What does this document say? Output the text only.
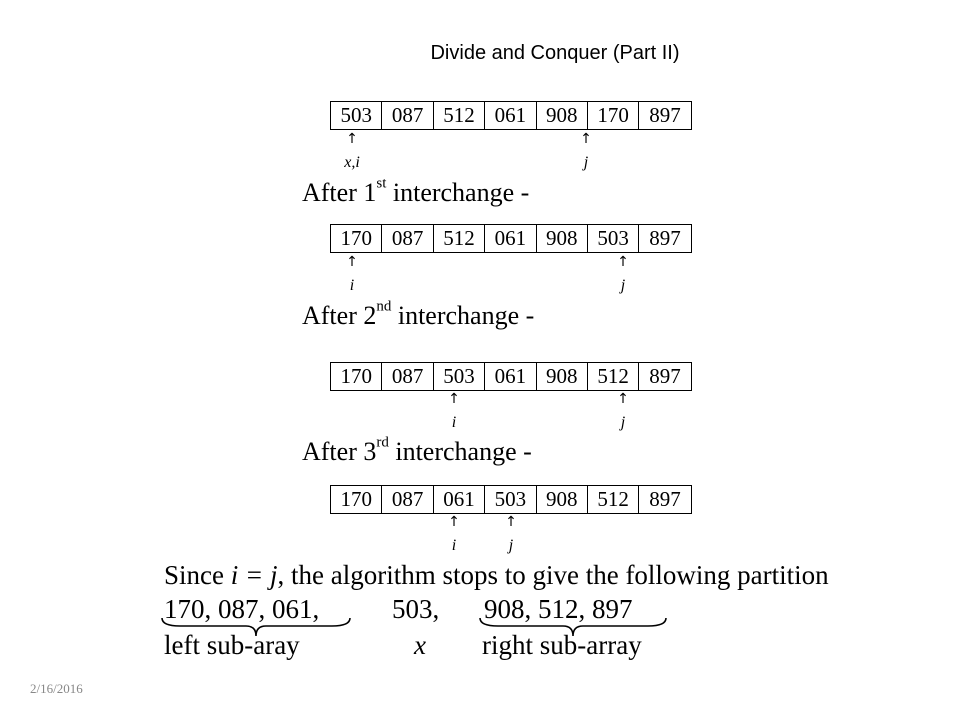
Divide and Conquer (Part II)
503 087 512 061 908 170 897
↑
x,i
↑
j
After 1st interchange -
170 087 512 061 908 503 897
↑
i
↑
j
After 2nd interchange -
170 087 503 061 908 512 897
↑
i
↑
j
After 3rd interchange -
170 087 061 503 908 512 897
↑
i
↑
j
Since i = j, the algorithm stops to give the following partition
170, 087, 061,	503, 908, 512, 897
left sub-aray	x right sub-array
2/16/2016
